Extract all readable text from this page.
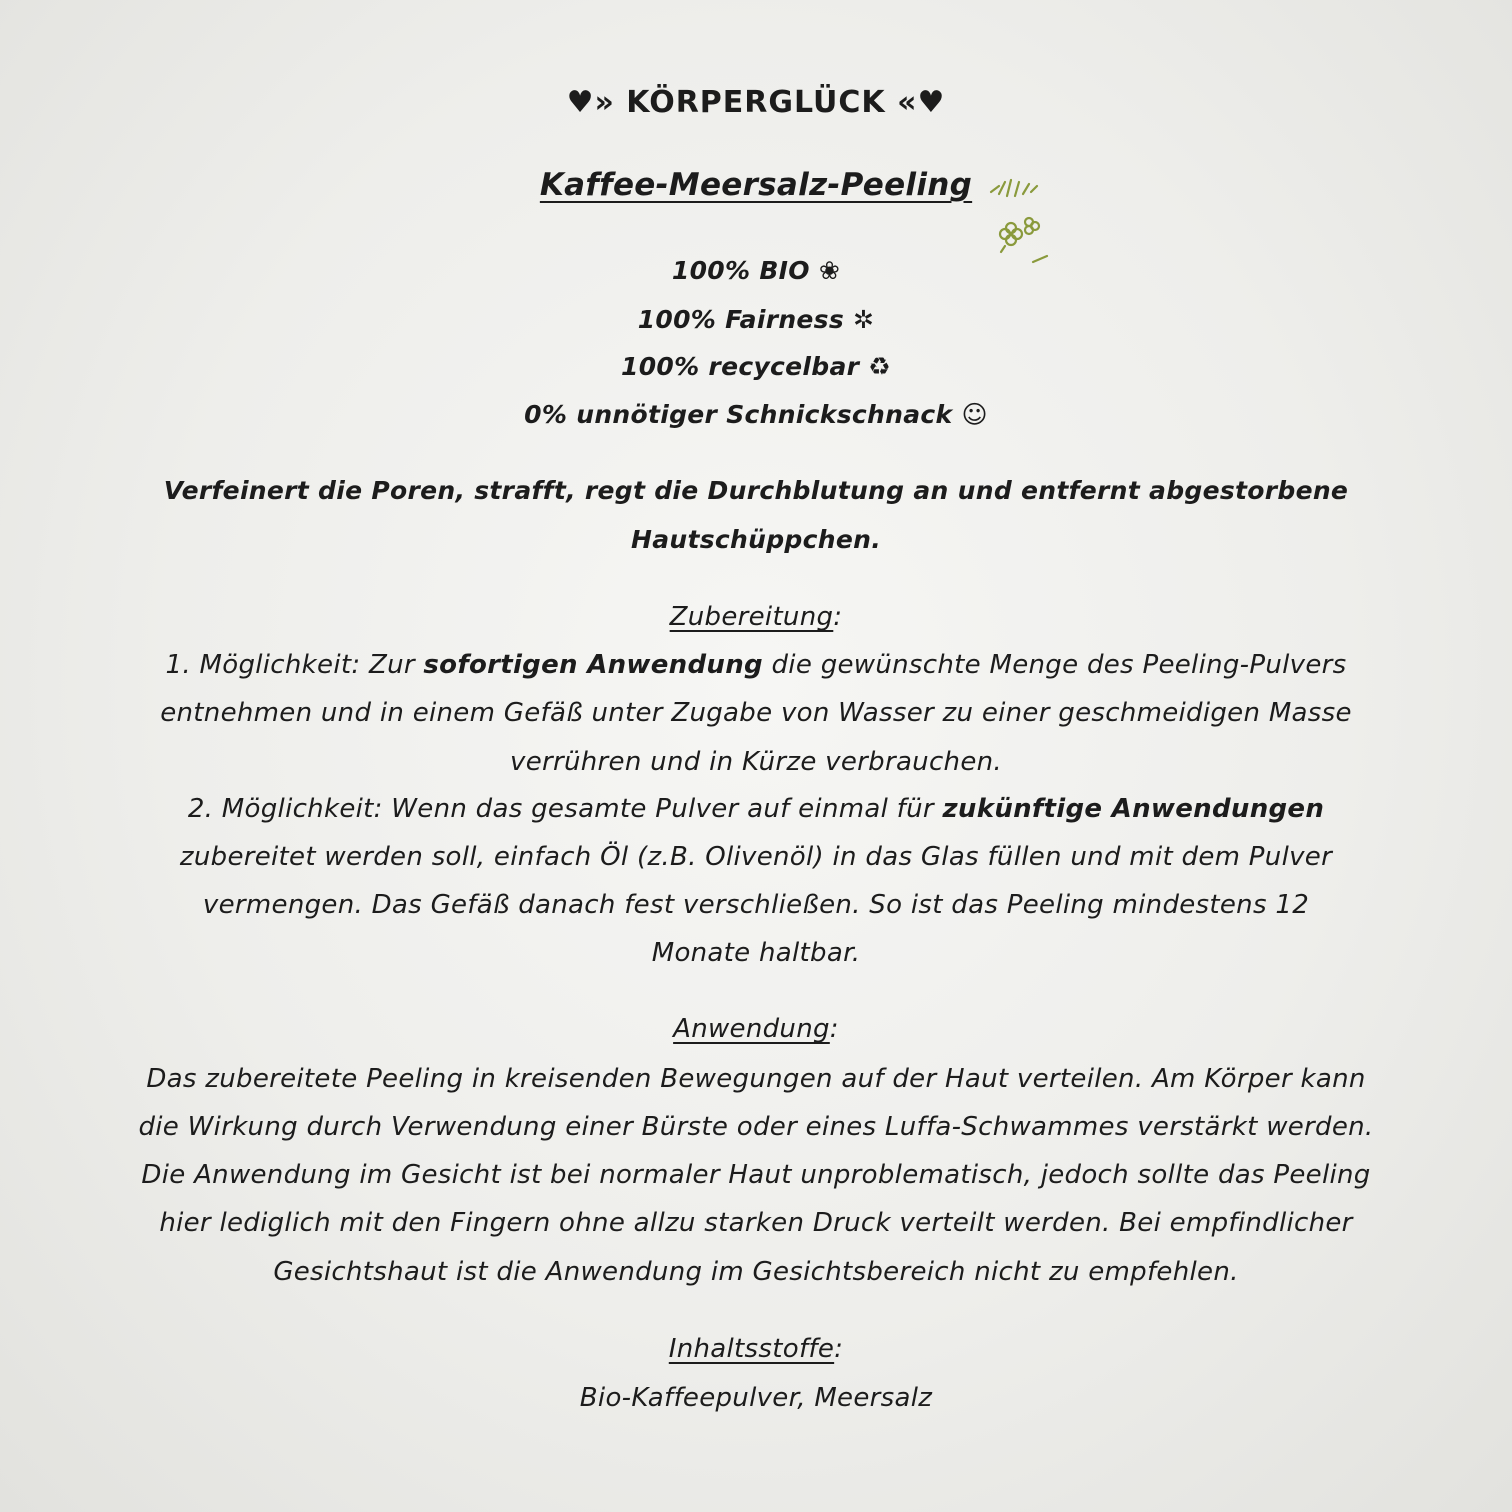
♥» KÖRPERGLÜCK «♥
Kaffee-Meersalz-Peeling
100% BIO ❀
100% Fairness ✲
100% recycelbar ♻
0% unnötiger Schnickschnack ☺
Verfeinert die Poren, strafft, regt die Durchblutung an und entfernt abgestorbene
Hautschüppchen.
Zubereitung:
1. Möglichkeit: Zur sofortigen Anwendung die gewünschte Menge des Peeling-Pulvers
entnehmen und in einem Gefäß unter Zugabe von Wasser zu einer geschmeidigen Masse
verrühren und in Kürze verbrauchen.
2. Möglichkeit: Wenn das gesamte Pulver auf einmal für zukünftige Anwendungen
zubereitet werden soll, einfach Öl (z.B. Olivenöl) in das Glas füllen und mit dem Pulver
vermengen. Das Gefäß danach fest verschließen. So ist das Peeling mindestens 12
Monate haltbar.
Anwendung:
Das zubereitete Peeling in kreisenden Bewegungen auf der Haut verteilen. Am Körper kann
die Wirkung durch Verwendung einer Bürste oder eines Luffa-Schwammes verstärkt werden.
Die Anwendung im Gesicht ist bei normaler Haut unproblematisch, jedoch sollte das Peeling
hier lediglich mit den Fingern ohne allzu starken Druck verteilt werden. Bei empfindlicher
Gesichtshaut ist die Anwendung im Gesichtsbereich nicht zu empfehlen.
Inhaltsstoffe:
Bio-Kaffeepulver, Meersalz
